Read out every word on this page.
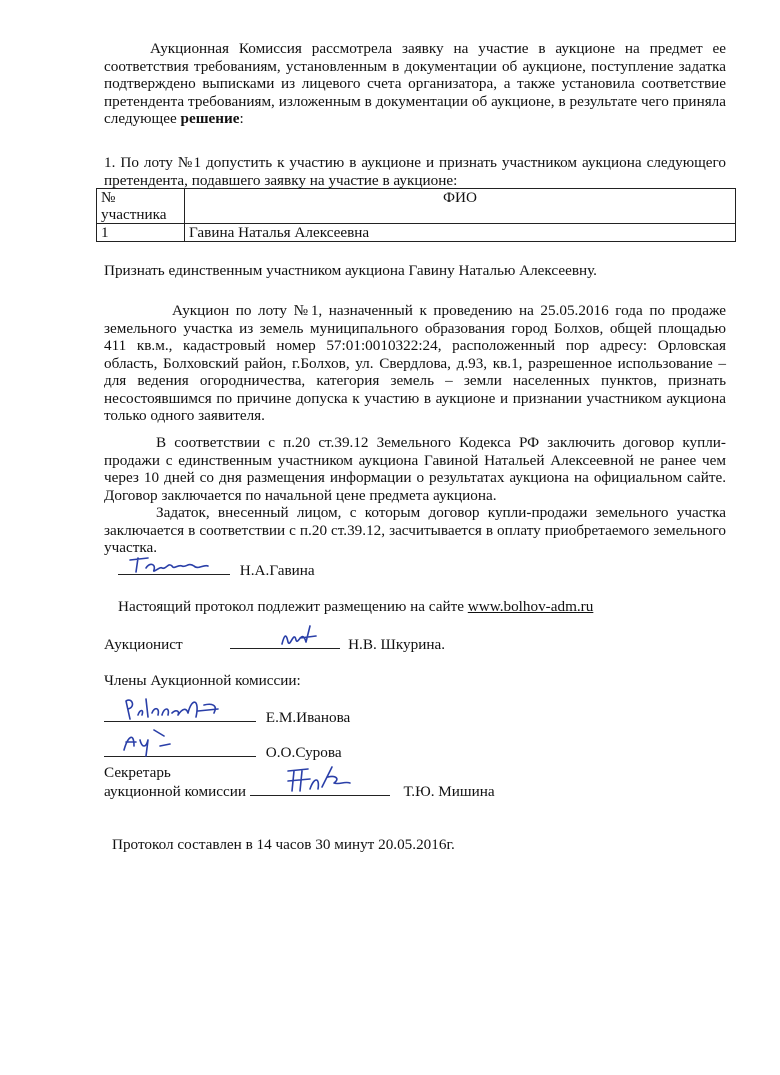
Аукционная Комиссия рассмотрела заявку на участие в аукционе на предмет ее соответствия требованиям, установленным в документации об аукционе, поступление задатка подтверждено выписками из лицевого счета организатора, а также установила соответствие претендента требованиям, изложенным в документации об аукционе, в результате чего приняла следующее решение:
1. По лоту №1 допустить к участию в аукционе и признать участником аукциона следующего претендента, подавшего заявку на участие в аукционе:
№ участника	ФИО
1	Гавина Наталья Алексеевна
Признать единственным участником аукциона Гавину Наталью Алексеевну.
Аукцион по лоту №1, назначенный к проведению на 25.05.2016 года по продаже земельного участка из земель муниципального образования город Болхов, общей площадью 411 кв.м., кадастровый номер 57:01:0010322:24, расположенный пор адресу: Орловская область, Болховский район, г.Болхов, ул. Свердлова, д.93, кв.1, разрешенное использование – для ведения огородничества, категория земель – земли населенных пунктов, признать несостоявшимся по причине допуска к участию в аукционе и признании участником аукциона только одного заявителя.
В соответствии с п.20 ст.39.12 Земельного Кодекса РФ заключить договор купли-продажи с единственным участником аукциона Гавиной Натальей Алексеевной не ранее чем через 10 дней со дня размещения информации о результатах аукциона на официальном сайте. Договор заключается по начальной цене предмета аукциона.
Задаток, внесенный лицом, с которым договор купли-продажи земельного участка заключается в соответствии с п.20 ст.39.12, засчитывается в оплату приобретаемого земельного участка.
Н.А.Гавина
Настоящий протокол подлежит размещению на сайте www.bolhov-adm.ru
Аукционист	Н.В. Шкурина.
Члены Аукционной комиссии:
Е.М.Иванова
О.О.Сурова
Секретарь
аукционной комиссии	Т.Ю. Мишина
Протокол составлен в 14 часов 30 минут 20.05.2016г.
